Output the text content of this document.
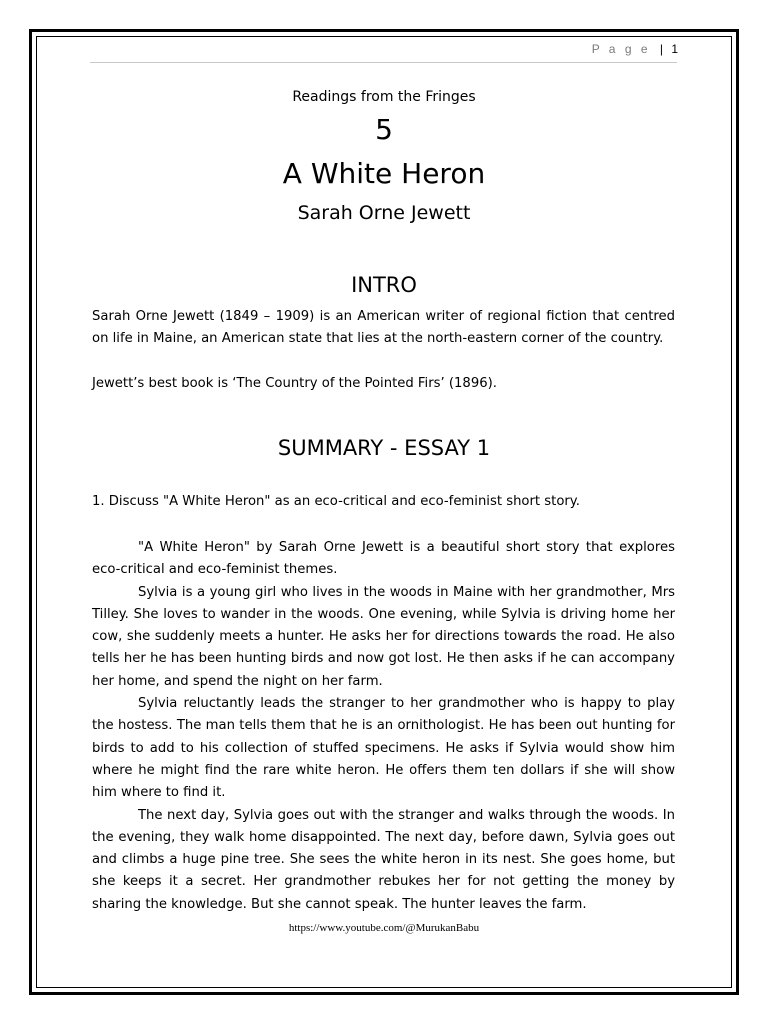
P a g e | 1
Readings from the Fringes
5
A White Heron
Sarah Orne Jewett
INTRO

Sarah Orne Jewett (1849 – 1909) is an American writer of regional fiction that centred on life in Maine, an American state that lies at the north-eastern corner of the country.

Jewett’s best book is ‘The Country of the Pointed Firs’ (1896).

SUMMARY - ESSAY 1

1. Discuss "A White Heron" as an eco-critical and eco-feminist short story.

"A White Heron" by Sarah Orne Jewett is a beautiful short story that explores eco-critical and eco-feminist themes.

Sylvia is a young girl who lives in the woods in Maine with her grandmother, Mrs Tilley. She loves to wander in the woods. One evening, while Sylvia is driving home her cow, she suddenly meets a hunter. He asks her for directions towards the road. He also tells her he has been hunting birds and now got lost. He then asks if he can accompany her home, and spend the night on her farm.

Sylvia reluctantly leads the stranger to her grandmother who is happy to play the hostess. The man tells them that he is an ornithologist. He has been out hunting for birds to add to his collection of stuffed specimens. He asks if Sylvia would show him where he might find the rare white heron. He offers them ten dollars if she will show him where to find it.

The next day, Sylvia goes out with the stranger and walks through the woods. In the evening, they walk home disappointed. The next day, before dawn, Sylvia goes out and climbs a huge pine tree. She sees the white heron in its nest. She goes home, but she keeps it a secret. Her grandmother rebukes her for not getting the money by sharing the knowledge. But she cannot speak. The hunter leaves the farm.

https://www.youtube.com/@MurukanBabu
